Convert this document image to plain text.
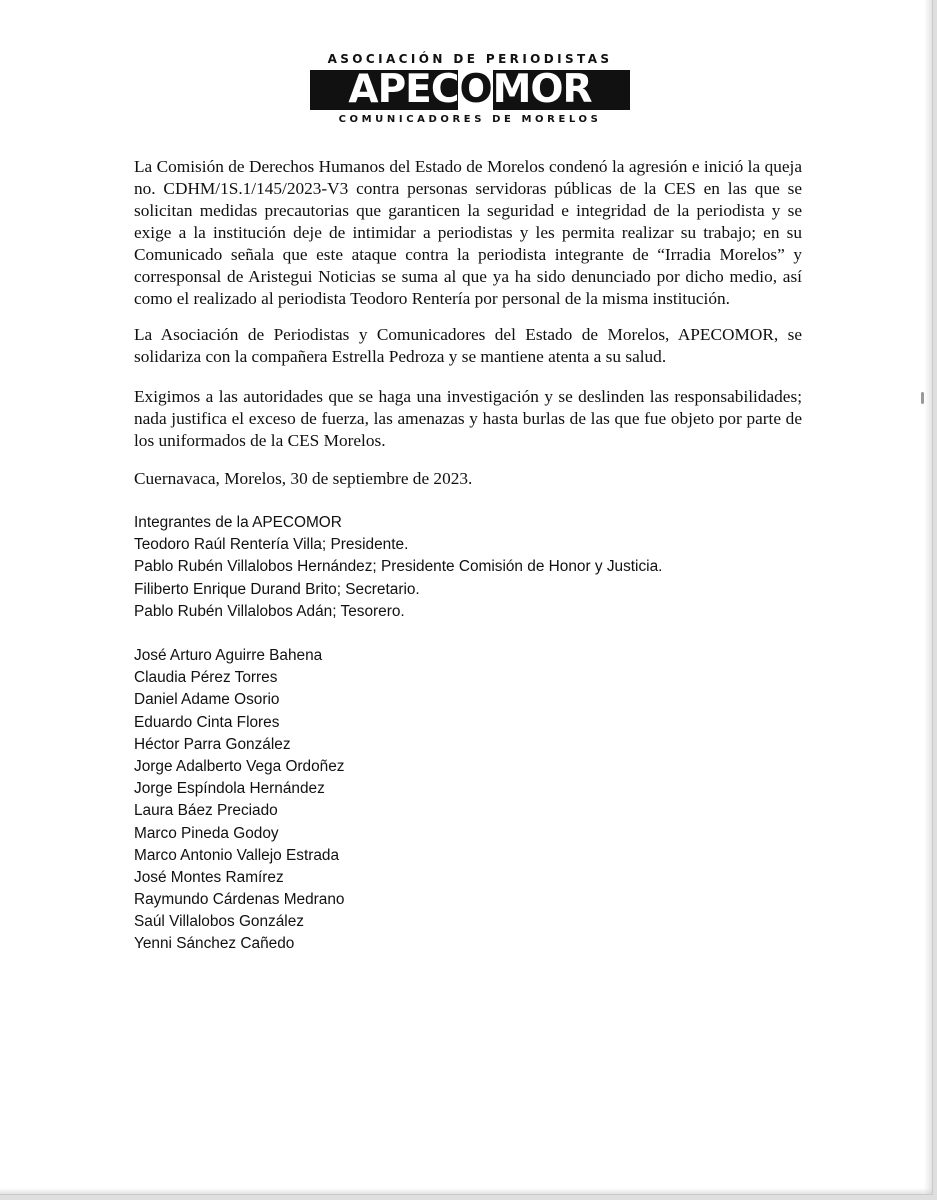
ASOCIACIÓN DE PERIODISTAS
APECOMOR
COMUNICADORES DE MORELOS

La Comisión de Derechos Humanos del Estado de Morelos condenó la agresión e inició la queja no. CDHM/1S.1/145/2023-V3 contra personas servidoras públicas de la CES en las que se solicitan medidas precautorias que garanticen la seguridad e integridad de la periodista y se exige a la institución deje de intimidar a periodistas y les permita realizar su trabajo; en su Comunicado señala que este ataque contra la periodista integrante de “Irradia Morelos” y corresponsal de Aristegui Noticias se suma al que ya ha sido denunciado por dicho medio, así como el realizado al periodista Teodoro Rentería por personal de la misma institución.

La Asociación de Periodistas y Comunicadores del Estado de Morelos, APECOMOR, se solidariza con la compañera Estrella Pedroza y se mantiene atenta a su salud.

Exigimos a las autoridades que se haga una investigación y se deslinden las responsabilidades; nada justifica el exceso de fuerza, las amenazas y hasta burlas de las que fue objeto por parte de los uniformados de la CES Morelos.

Cuernavaca, Morelos, 30 de septiembre de 2023.

Integrantes de la APECOMOR
Teodoro Raúl Rentería Villa; Presidente.
Pablo Rubén Villalobos Hernández; Presidente Comisión de Honor y Justicia.
Filiberto Enrique Durand Brito; Secretario.
Pablo Rubén Villalobos Adán; Tesorero.
José Arturo Aguirre Bahena
Claudia Pérez Torres
Daniel Adame Osorio
Eduardo Cinta Flores
Héctor Parra González
Jorge Adalberto Vega Ordoñez
Jorge Espíndola Hernández
Laura Báez Preciado
Marco Pineda Godoy
Marco Antonio Vallejo Estrada
José Montes Ramírez
Raymundo Cárdenas Medrano
Saúl Villalobos González
Yenni Sánchez Cañedo
